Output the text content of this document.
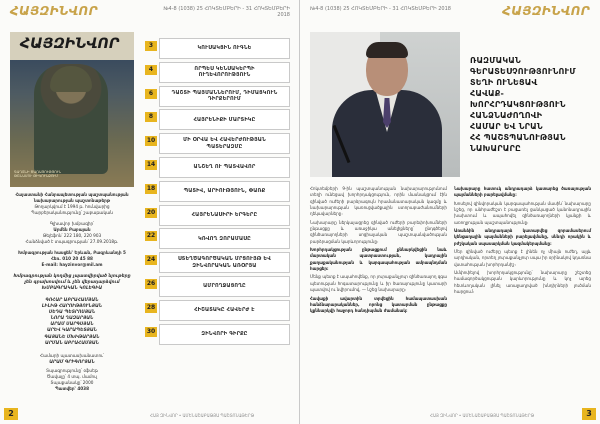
ՀԱՅԶԻՆՎՈՐ	№4-8 (1038) 25 ՀՈԿՏԵՄԲԵՐԻ - 31 ՀՈԿՏԵՄԲԵՐԻ 2018
ՀԱՅԶԻՆՎՈՐ
ԳԱՂՏՆԻ ԾԱՌԱՅՈՒԹՅՈՒՆ ԹՇՆԱՄՈՒ ԹԻԿՈՒՆՔՈՒՄ
Հայաստանի Հանրապետության պաշտպանության
նախարարության պաշտոնաթերթ
Թողարկվում է 1994 թ. հունվարից
Պարբերականությունը՝ շաբաթական
Գլխավոր խմբագիր՝
Արմեն Բաբայան
Թելեֆոն՝ 222 180, 220 903
Հանձնված է տպագրության՝ 27.09.2018թ.
Խմբագրության հասցեն՝ Երևան, Բագրևանդի 5
Հեռ. 010 20 45 88
E-mail: hayzinvor@mil.am
Խմբագրության կողմից չպատվիրված նյութերը
չեն գրախոսվում և չեն վերադարձվում
ԽՄԲԱԳՐԱԿԱՆ ԿՈԼԵԳԻԱ
ԳՈՀԱՐ ԱԲՐԱՀԱՄՅԱՆ
ԼԻԼԻԹ ՀԱՐՈՒԹՅՈՒՆՅԱՆ
ՍԵԴԱ ՊԵՏՐՈՍՅԱՆ
ՆՈՐԱ ՂԱԶԱՐՅԱՆ
ԱՐԱՄ ՍԱՐԳՍՅԱՆ
ԱՐԵՎ ԿԱՐԱՊԵՏՅԱՆ
ԳԱՅԱՆԵ ՄԽԻԹԱՐՅԱՆ
ԱՐՄԱՆ ԱԲՐԱՀԱՄՅԱՆ
Համարի պատասխանատու՝
ԱՐԱՄ ԳՐԻԳՈՐՅԱՆ
Տպագրությունը՝ օֆսեթ
Ծավալը՝ 4 տպ. մամուլ
Տպաքանակը՝ 2000
Պատվեր՝ 4038
3	ԿՈՒՍԱԿՑԻՆ ՈՒԳՆԵ
4	ՈՐՊԵՍ ԿԵՆՍԱԿԵՐՊԻ ՈՒՂԵՎՈՐՈՒԹՅՈՒՆ
6	ԴԱՇՏԻ ՊԱՅՄԱՆՆԵՐՈՒՄ, ԴԻՄԱՑԿՈՒՆ ԴԻՐՔԵՐՈՒՄ
8	ՀԱՅՐԵՆԻՔԻ ՄԱՐՏԻԿԸ
10	ՄԻ ՕՐՎԱ ԵՎ ՀԱՎԵՐԺՈՒԹՅԱՆ ՊԱՏԵՐԱԶՄԸ
14	ԱՆՇԵՂ ՈՒ ՊԱՏՎԱՎՈՐ
18	ՊԱՏԻՎ, ԱՐԻՈՒԹՅՈՒՆ, ՓԱՌՔ
20	ՀԱՅՐԵՆԱՍԻՐԻ ԵՐԳԵՐԸ
22	ԿՌՎՈՂ ԶՈՐԱՄԱՍԸ
24	ՍՏԵՂԾԱԳՈՐԾԱԿԱՆ ՄՐՑՈՒՅԹ ԵՎ ԶԻՆՎՈՐԱԿԱՆ ԱՌՕՐՅԱ
26	ԱՄՐՈՂՋԱՑՈՂԸ
28	ՀԻՇԱՏԱԿԸ ՀԱՎԵՐԺ Է
30	ԶԻՆՎՈՐԻ ԳԻՐՔԸ
2	ՀԱՅ ԶԻՆՎՈՐ • ԱՄԵՆԱՇԱԲԱԹՅԱ ՊԱՇՏՈՆԱԹԵՐԹ
№4-8 (1038) 25 ՀՈԿՏԵՄԲԵՐԻ - 31 ՀՈԿՏԵՄԲԵՐԻ 2018	ՀԱՅԶԻՆՎՈՐ
ՌԱԶՄԱԿԱՆ
ԳԵՐԱՏԵՍՉՈՒԹՅՈՒՆՈՒՄ
ՏԵՂԻ ՈՒՆԵՑԱՎ
ՀԱՎԱՔ-ԽՈՐՀՐԴԱԿՑՈՒԹՅՈՒՆ
ՀԱՆՁՆԱԺՈՂՈՎԻ
ՀԱՄԱՐ ԵՎ ՆՐԱՆ
ՀՀ ՊԱՇՏՊԱՆՈՒԹՅԱՆ
ՆԱԽԱՐԱՐԸ

Հոկտեմբերի 9-ին պաշտպանության նախարարությունում տեղի ունեցավ խորհրդակցություն, որին մասնակցում էին զինված ուժերի բարձրագույն հրամանատարական կազմը և նախարարության կառուցվածքային ստորաբաժանումների ղեկավարները։

Նախարարը ներկայացրեց զինված ուժերի բարեփոխումների ընթացքը և առաջիկա անելիքները՝ ընդգծելով զինծառայողների սոցիալական պաշտպանվածության բարձրացման կարևորությունը։

Խորհրդակցության ընթացքում քննարկվեցին նաև մարտական պատրաստության, կադրային քաղաքականության և կարգապահության ամրապնդման հարցեր։

Մենք պետք է ապահովենք, որ յուրաքանչյուր զինծառայող զգա պետության հոգատարությունը և իր ծառայությունը կատարի պատվով ու նվիրումով, — նշեց նախարարը։

Հավաքի ավարտին տրվեցին համապատասխան հանձնարարականներ, որոնց կատարման ընթացքը կքննարկվի հաջորդ հանդիպման ժամանակ։

Նախարարը հատուկ անդրադարձ կատարեց ծառայության պայմանների բարելավմանը։

Խոսելով զինվորական կարգապահության մասին՝ նախարարը նշեց, որ անհրաժեշտ է բացառել ցանկացած կանոնադրային խախտում և ապահովել զինծառայողների կյանքի և առողջության պաշտպանությունը։

Առանձին անդրադարձ կատարվեց զորամասերում կենցաղային պայմանների բարելավմանը, սննդի որակին և բժշկական սպասարկման կազմակերպմանը։

Մեր զինված ուժերը պետք է լինեն ոչ միայն ուժեղ, այլև արդիական, որտեղ յուրաքանչյուր սպա իր օրինակով կդառնա վստահության խորհրդանիշ։

Ամփոփելով խորհրդակցությունը՝ նախարարը շեշտեց համագործակցության կարևորությունը և կոչ արեց հետևողական լինել առաջադրված խնդիրների լուծման հարցում։

ՀԱՅ ԶԻՆՎՈՐ • ԱՄԵՆԱՇԱԲԱԹՅԱ ՊԱՇՏՈՆԱԹԵՐԹ	3
